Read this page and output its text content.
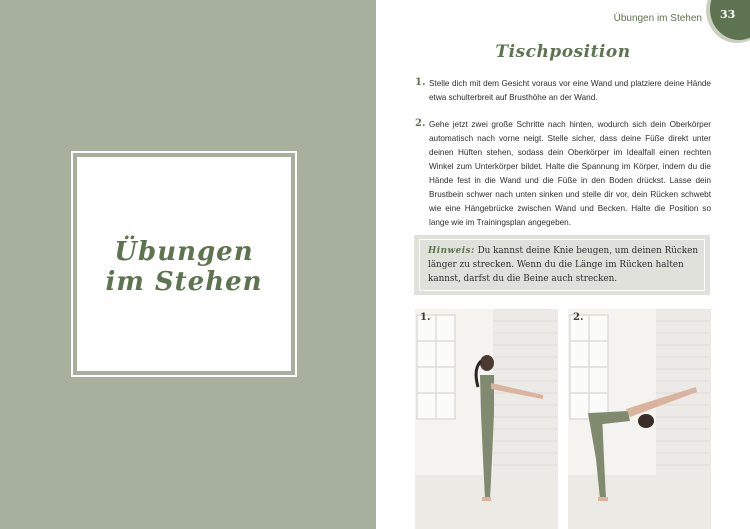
Übungen
im Stehen
Übungen im Stehen 33
Tischposition
1. Stelle dich mit dem Gesicht voraus vor eine Wand und platziere deine Hände etwa schulterbreit auf Brusthöhe an der Wand.
2. Gehe jetzt zwei große Schritte nach hinten, wodurch sich dein Oberkörper automatisch nach vorne neigt. Stelle sicher, dass deine Füße direkt unter deinen Hüften stehen, sodass dein Oberkörper im Idealfall einen rechten Winkel zum Unterkörper bildet. Halte die Spannung im Körper, indem du die Hände fest in die Wand und die Füße in den Boden drückst. Lasse dein Brustbein schwer nach unten sinken und stelle dir vor, dein Rücken schwebt wie eine Hängebrücke zwischen Wand und Becken. Halte die Position so lange wie im Trainingsplan angegeben.
Hinweis: Du kannst deine Knie beugen, um deinen Rücken länger zu strecken. Wenn du die Länge im Rücken halten kannst, darfst du die Beine auch strecken.
1.	2.
